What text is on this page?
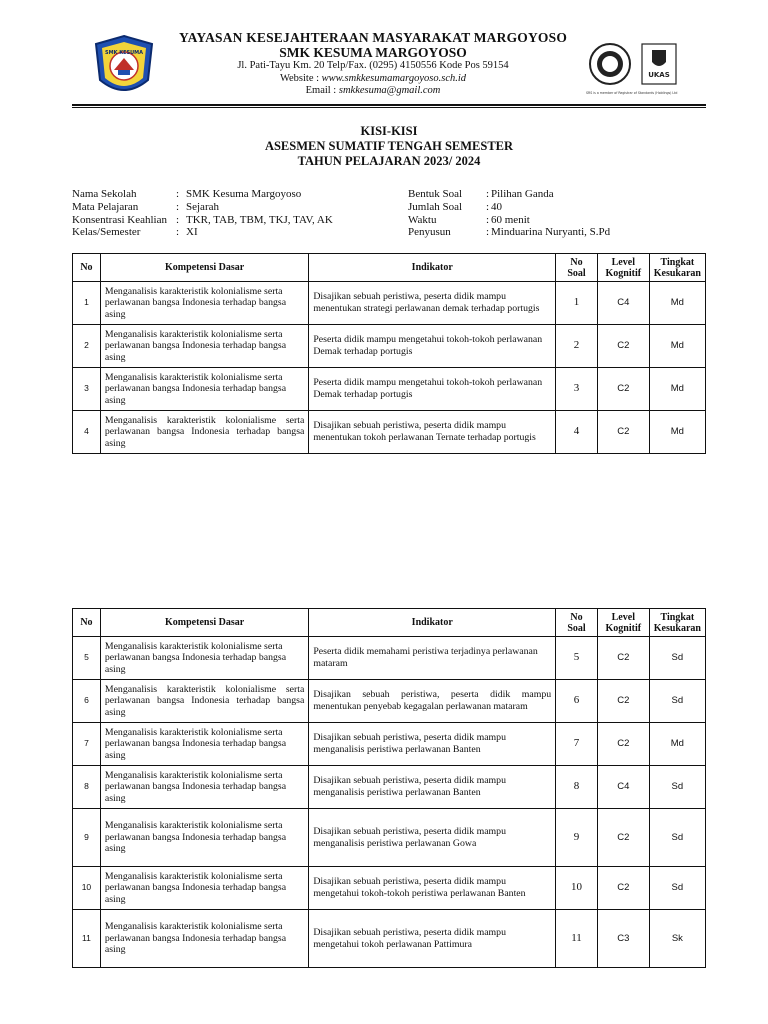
SMK KESUMA
YAYASAN KESEJAHTERAAN MASYARAKAT MARGOYOSO
SMK KESUMA MARGOYOSO
Jl. Pati-Tayu Km. 20 Telp/Fax. (0295) 4150556 Kode Pos 59154
Website : www.smkkesumamargoyoso.sch.id
Email : smkkesuma@gmail.com
UKAS
SRS is a member of Registrar of Standards (Holdings) Ltd
KISI-KISI
ASESMEN SUMATIF TENGAH SEMESTER
TAHUN PELAJARAN 2023/ 2024
Nama Sekolah	: SMK Kesuma Margoyoso
Mata Pelajaran	: Sejarah
Konsentrasi Keahlian : TKR, TAB, TBM, TKJ, TAV, AK
Kelas/Semester	: XI
Bentuk Soal	: Pilihan Ganda
Jumlah Soal	: 40
Waktu	: 60 menit
Penyusun	: Minduarina Nuryanti, S.Pd
No	Kompetensi Dasar	Indikator	No Soal	Level Kognitif	Tingkat Kesukaran
1	Menganalisis karakteristik kolonialisme serta perlawanan bangsa Indonesia terhadap bangsa asing	Disajikan sebuah peristiwa, peserta didik mampu menentukan strategi perlawanan demak terhadap portugis	1	C4	Md
2	Menganalisis karakteristik kolonialisme serta perlawanan bangsa Indonesia terhadap bangsa asing	Peserta didik mampu mengetahui tokoh-tokoh perlawanan Demak terhadap portugis	2	C2	Md
3	Menganalisis karakteristik kolonialisme serta perlawanan bangsa Indonesia terhadap bangsa asing	Peserta didik mampu mengetahui tokoh-tokoh perlawanan Demak terhadap portugis	3	C2	Md
4	Menganalisis karakteristik kolonialisme serta perlawanan bangsa Indonesia terhadap bangsa asing	Disajikan sebuah peristiwa, peserta didik mampu menentukan tokoh perlawanan Ternate terhadap portugis	4	C2	Md
No	Kompetensi Dasar	Indikator	No Soal	Level Kognitif	Tingkat Kesukaran
5	Menganalisis karakteristik kolonialisme serta perlawanan bangsa Indonesia terhadap bangsa asing	Peserta didik memahami peristiwa terjadinya perlawanan mataram	5	C2	Sd
6	Menganalisis karakteristik kolonialisme serta perlawanan bangsa Indonesia terhadap bangsa asing	Disajikan sebuah peristiwa, peserta didik mampu menentukan penyebab kegagalan perlawanan mataram	6	C2	Sd
7	Menganalisis karakteristik kolonialisme serta perlawanan bangsa Indonesia terhadap bangsa asing	Disajikan sebuah peristiwa, peserta didik mampu menganalisis peristiwa perlawanan Banten	7	C2	Md
8	Menganalisis karakteristik kolonialisme serta perlawanan bangsa Indonesia terhadap bangsa asing	Disajikan sebuah peristiwa, peserta didik mampu menganalisis peristiwa perlawanan Banten	8	C4	Sd
9	Menganalisis karakteristik kolonialisme serta perlawanan bangsa Indonesia terhadap bangsa asing	Disajikan sebuah peristiwa, peserta didik mampu menganalisis peristiwa perlawanan Gowa	9	C2	Sd
10	Menganalisis karakteristik kolonialisme serta perlawanan bangsa Indonesia terhadap bangsa asing	Disajikan sebuah peristiwa, peserta didik mampu mengetahui tokoh-tokoh peristiwa perlawanan Banten	10	C2	Sd
11	Menganalisis karakteristik kolonialisme serta perlawanan bangsa Indonesia terhadap bangsa asing	Disajikan sebuah peristiwa, peserta didik mampu mengetahui tokoh perlawanan Pattimura	11	C3	Sk
